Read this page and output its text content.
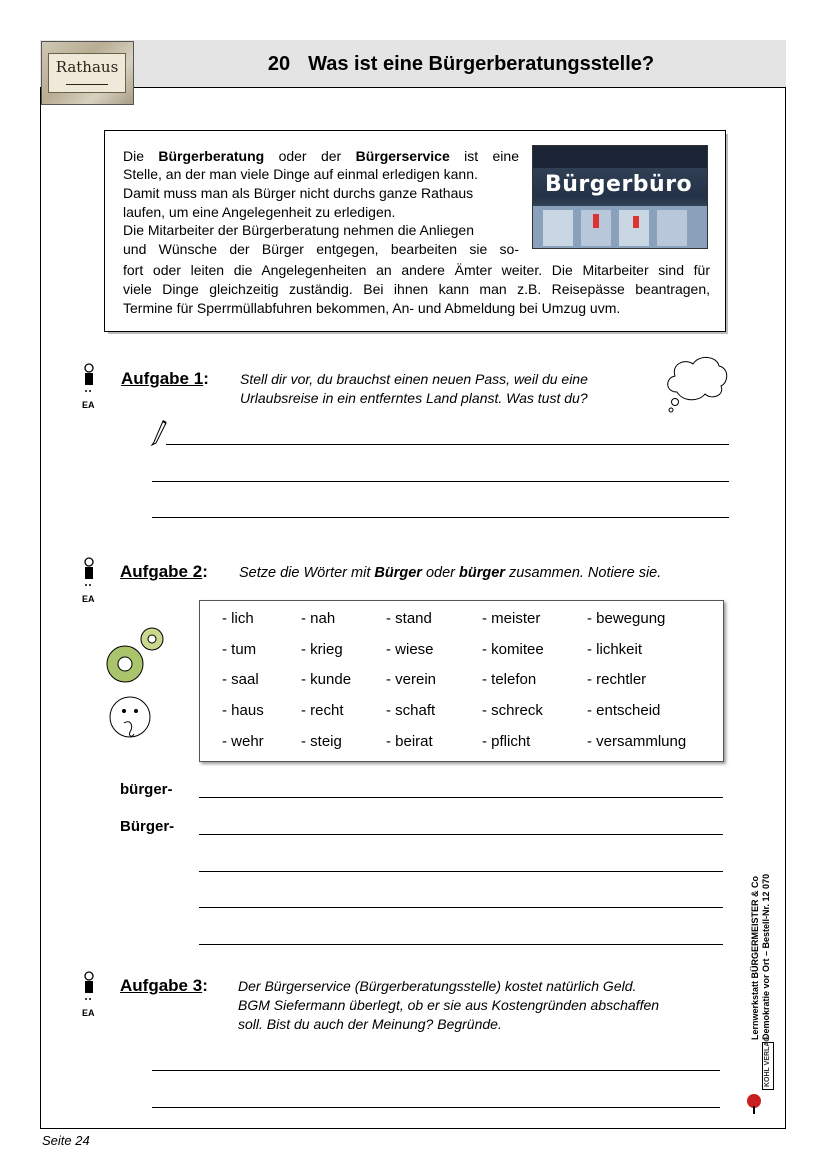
Rathaus	20 Was ist eine Bürgerberatungsstelle?
Die Bürgerberatung oder der Bürgerservice ist eine
Stelle, an der man viele Dinge auf einmal erledigen kann.
Damit muss man als Bürger nicht durchs ganze Rathaus
laufen, um eine Angelegenheit zu erledigen.
Die Mitarbeiter der Bürgerberatung nehmen die Anliegen
und Wünsche der Bürger entgegen, bearbeiten sie so-
fort oder leiten die Angelegenheiten an andere Ämter weiter. Die Mitarbeiter sind für
viele Dinge gleichzeitig zuständig. Bei ihnen kann man z.B. Reisepässe beantragen,
Termine für Sperrmüllabfuhren bekommen, An- und Abmeldung bei Umzug uvm.
Bürgerbüro
EA
Aufgabe 1: Stell dir vor, du brauchst einen neuen Pass, weil du eine
Urlaubsreise in ein entferntes Land planst. Was tust du?
EA
Aufgabe 2: Setze die Wörter mit Bürger oder bürger zusammen. Notiere sie.
- lich	- nah	- stand	- meister	- bewegung
- tum	- krieg	- wiese	- komitee	- lichkeit
- saal	- kunde - verein	- telefon	- rechtler
- haus - recht	- schaft	- schreck	- entscheid
- wehr - steig	- beirat	- pflicht	- versammlung
bürger-
Bürger-
EA
Aufgabe 3: Der Bürgerservice (Bürgerberatungsstelle) kostet natürlich Geld.
BGM Siefermann überlegt, ob er sie aus Kostengründen abschaffen
soll. Bist du auch der Meinung? Begründe.	Lernwerkstatt BÜRGERMEISTER & Co Demokratie vor Ort – Bestell-Nr. 12 070
KOHL VERLAG
Seite 24
